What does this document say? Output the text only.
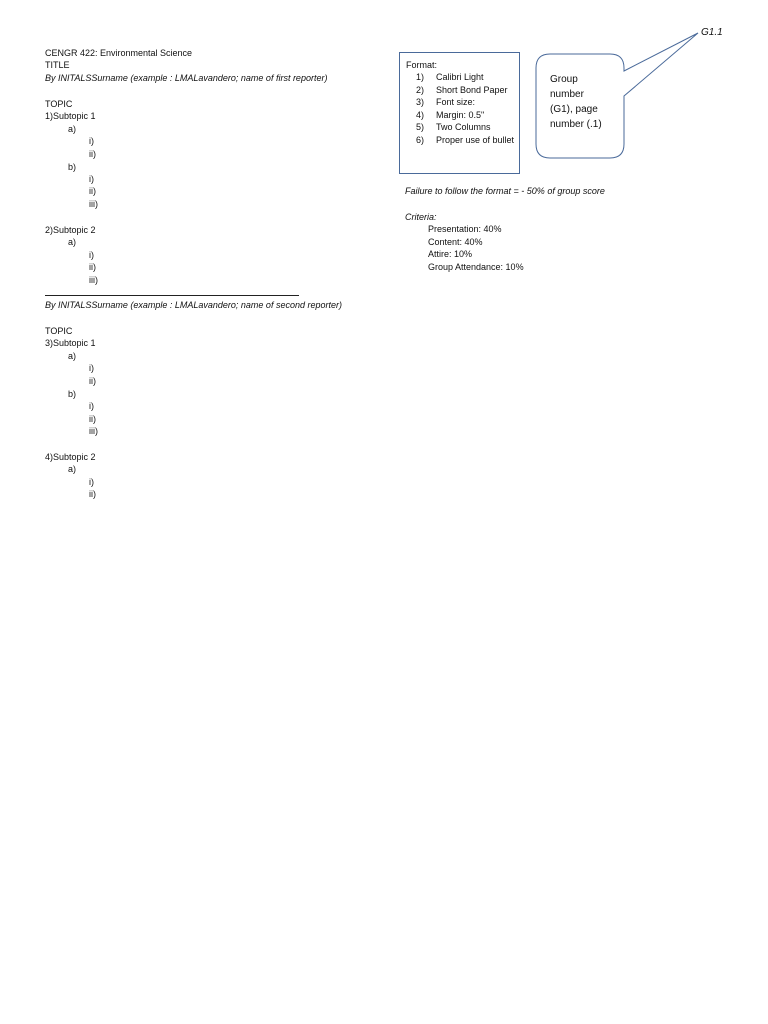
CENGR 422: Environmental Science
TITLE
By INITALSSurname (example : LMALavandero; name of first reporter)
TOPIC
1)Subtopic 1
a)
i)
ii)
b)
i)
ii)
iii)
2)Subtopic 2
a)
i)
ii)
iii)
By INITALSSurname (example : LMALavandero; name of second reporter)
TOPIC
3)Subtopic 1
a)
i)
ii)
b)
i)
ii)
iii)
4)Subtopic 2
a)
i)
ii)
Format:
1) Calibri Light
2) Short Bond Paper
3) Font size:
4) Margin: 0.5"
5) Two Columns
6) Proper use of bullet
G1.1
Group
number
(G1), page
number (.1)
Failure to follow the format = - 50% of group score
Criteria:
Presentation: 40%
Content: 40%
Attire: 10%
Group Attendance: 10%
